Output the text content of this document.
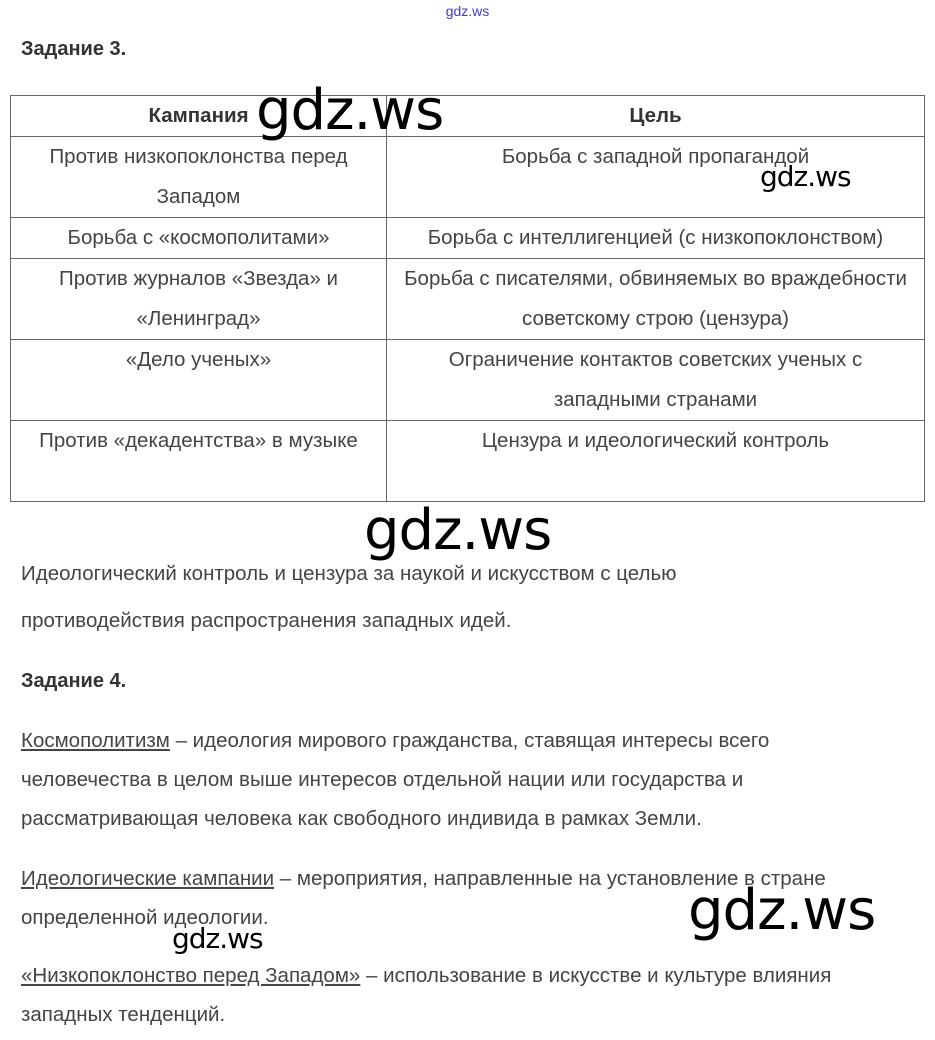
gdz.ws
Задание 3.
Кампания	Цель
Против низкопоклонства перед Западом	Борьба с западной пропагандой
Борьба с «космополитами»	Борьба с интеллигенцией (с низкопоклонством)
Против журналов «Звезда» и «Ленинград»	Борьба с писателями, обвиняемых во враждебности советскому строю (цензура)
«Дело ученых»	Ограничение контактов советских ученых с западными странами
Против «декадентства» в музыке	Цензура и идеологический контроль
Идеологический контроль и цензура за наукой и искусством с целью противодействия распространения западных идей.
Задание 4.
Космополитизм – идеология мирового гражданства, ставящая интересы всего человечества в целом выше интересов отдельной нации или государства и рассматривающая человека как свободного индивида в рамках Земли.
Идеологические кампании – мероприятия, направленные на установление в стране определенной идеологии.
«Низкопоклонство перед Западом» – использование в искусстве и культуре влияния западных тенденций.
gdz.ws
gdz.ws
gdz.ws
gdz.ws
gdz.ws
